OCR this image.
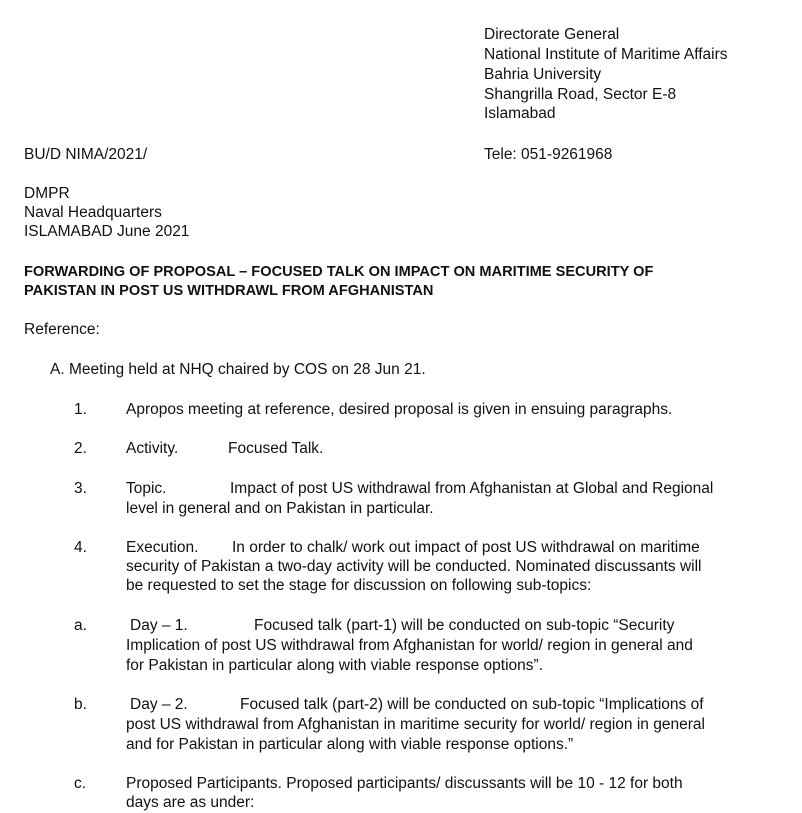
Directorate General
National Institute of Maritime Affairs
Bahria University
Shangrilla Road, Sector E-8
Islamabad
BU/D NIMA/2021/	Tele: 051-9261968
DMPR
Naval Headquarters
ISLAMABAD June 2021
FORWARDING OF PROPOSAL – FOCUSED TALK ON IMPACT ON MARITIME SECURITY OF
PAKISTAN IN POST US WITHDRAWL FROM AFGHANISTAN
Reference:
A. Meeting held at NHQ chaired by COS on 28 Jun 21.
1.	Apropos meeting at reference, desired proposal is given in ensuing paragraphs.
2.	Activity.	Focused Talk.
3.	Topic.	Impact of post US withdrawal from Afghanistan at Global and Regional
level in general and on Pakistan in particular.
4.	Execution. In order to chalk/ work out impact of post US withdrawal on maritime
security of Pakistan a two-day activity will be conducted. Nominated discussants will
be requested to set the stage for discussion on following sub-topics:
a.	Day – 1.	Focused talk (part-1) will be conducted on sub-topic “Security
Implication of post US withdrawal from Afghanistan for world/ region in general and
for Pakistan in particular along with viable response options”.
b.	Day – 2.	Focused talk (part-2) will be conducted on sub-topic “Implications of
post US withdrawal from Afghanistan in maritime security for world/ region in general
and for Pakistan in particular along with viable response options.”
c.	Proposed Participants. Proposed participants/ discussants will be 10 - 12 for both
days are as under:
